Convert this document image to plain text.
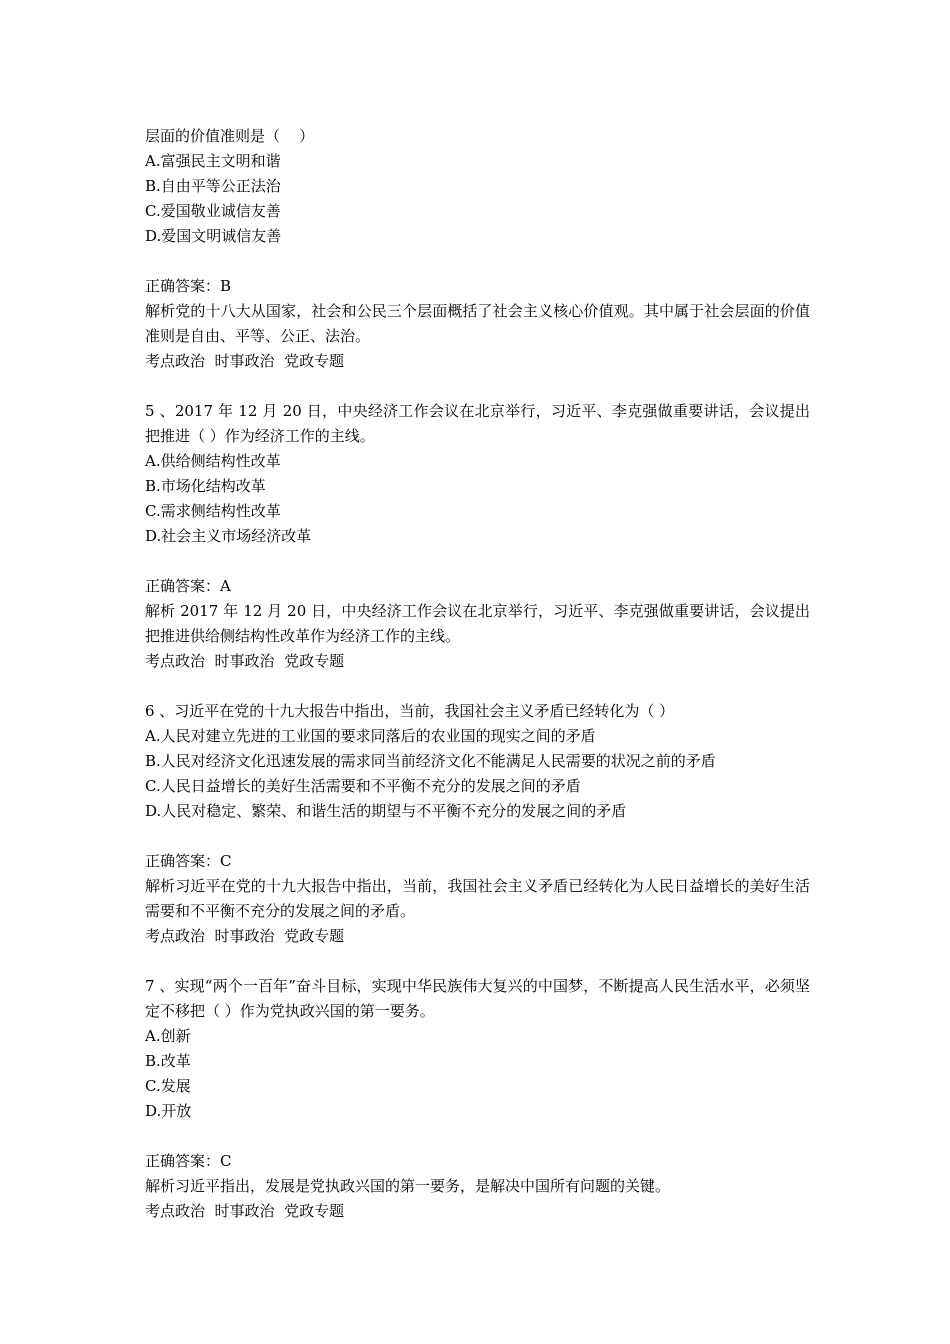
层面的价值准则是（    ）

A.富强民主文明和谐

B.自由平等公正法治

C.爱国敬业诚信友善

D.爱国文明诚信友善

正确答案：B

解析党的十八大从国家，社会和公民三个层面概括了社会主义核心价值观。其中属于社会层面的价值准则是自由、平等、公正、法治。

考点政治  时事政治  党政专题

5 、2017 年 12 月 20 日，中央经济工作会议在北京举行，习近平、李克强做重要讲话，会议提出把推进（ ）作为经济工作的主线。

A.供给侧结构性改革

B.市场化结构改革

C.需求侧结构性改革

D.社会主义市场经济改革

正确答案：A

解析 2017 年 12 月 20 日，中央经济工作会议在北京举行，习近平、李克强做重要讲话，会议提出把推进供给侧结构性改革作为经济工作的主线。

考点政治  时事政治  党政专题

6 、习近平在党的十九大报告中指出，当前，我国社会主义矛盾已经转化为（ ）

A.人民对建立先进的工业国的要求同落后的农业国的现实之间的矛盾

B.人民对经济文化迅速发展的需求同当前经济文化不能满足人民需要的状况之前的矛盾

C.人民日益增长的美好生活需要和不平衡不充分的发展之间的矛盾

D.人民对稳定、繁荣、和谐生活的期望与不平衡不充分的发展之间的矛盾

正确答案：C

解析习近平在党的十九大报告中指出，当前，我国社会主义矛盾已经转化为人民日益增长的美好生活需要和不平衡不充分的发展之间的矛盾。

考点政治  时事政治  党政专题

7 、实现“两个一百年”奋斗目标，实现中华民族伟大复兴的中国梦，不断提高人民生活水平，必须坚定不移把（ ）作为党执政兴国的第一要务。

A.创新

B.改革

C.发展

D.开放

正确答案：C

解析习近平指出，发展是党执政兴国的第一要务，是解决中国所有问题的关键。

考点政治  时事政治  党政专题
